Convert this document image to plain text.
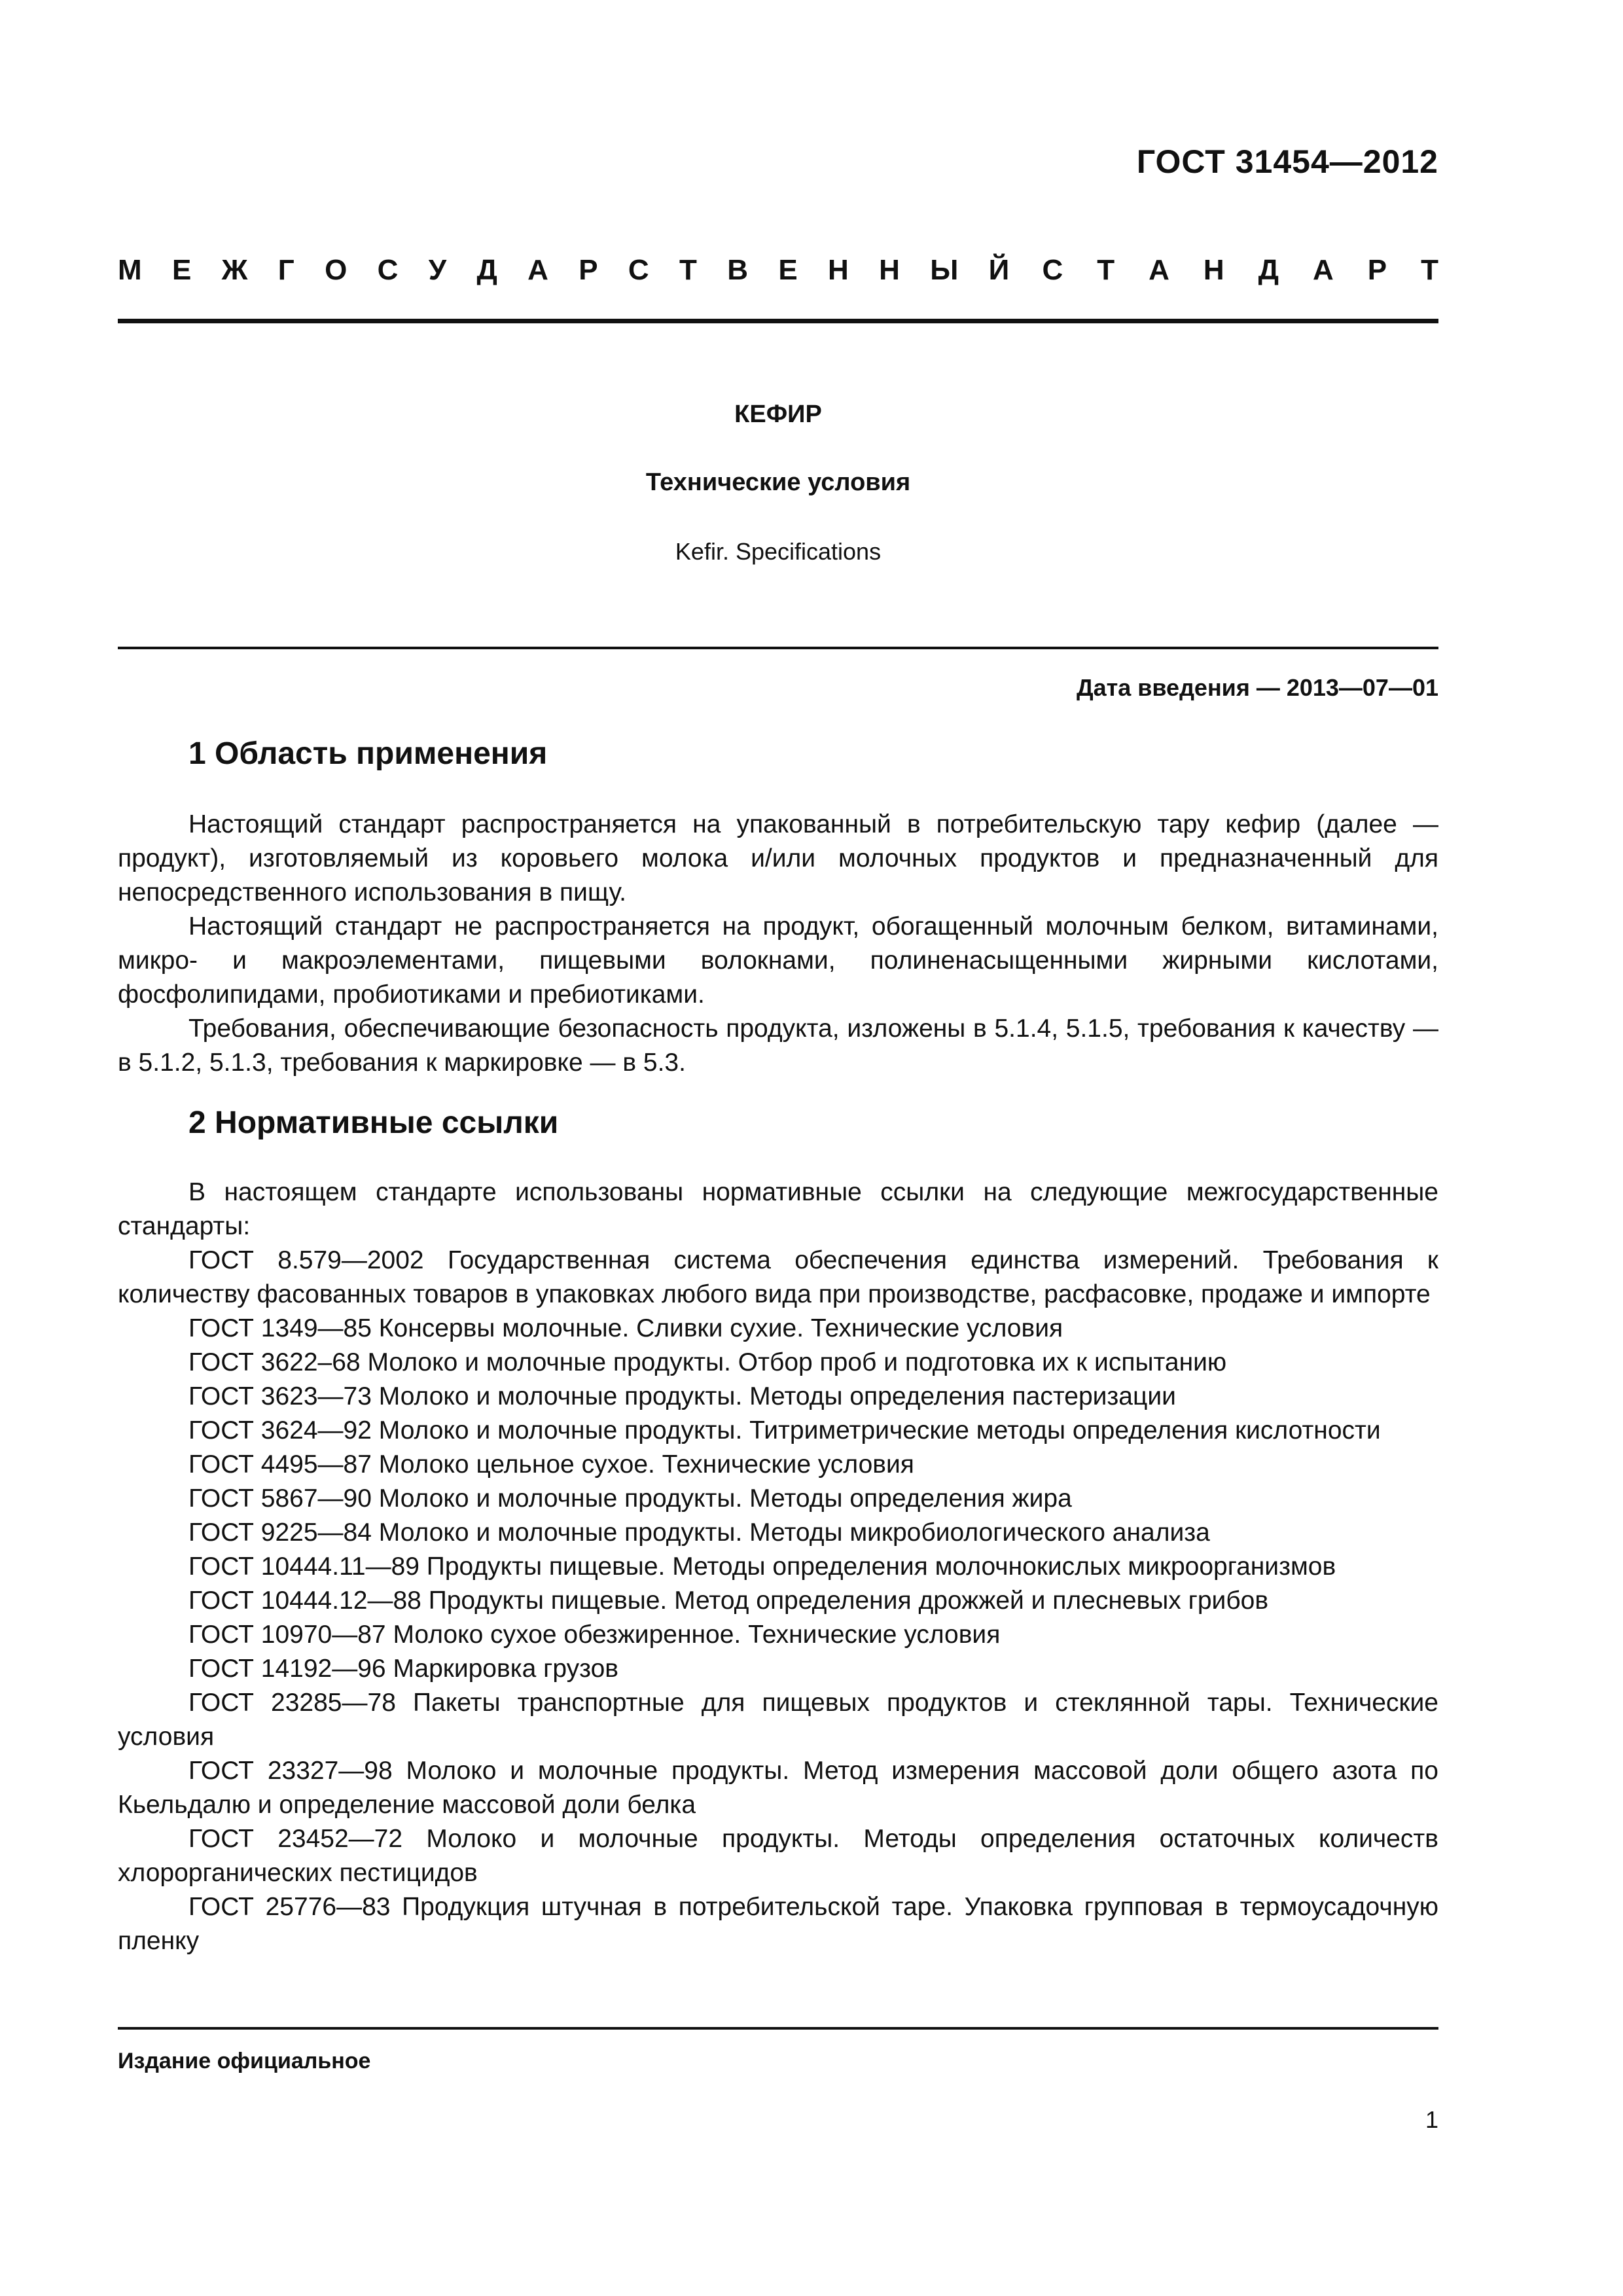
ГОСТ 31454—2012
М Е Ж Г О С У Д А Р С Т В Е Н Н Ы Й С Т А Н Д А Р Т
КЕФИР
Технические условия
Kefir. Specifications
Дата введения — 2013—07—01
1 Область применения

Настоящий стандарт распространяется на упакованный в потребительскую тару кефир (далее — продукт), изготовляемый из коровьего молока и/или молочных продуктов и предназначенный для непосредственного использования в пищу.

Настоящий стандарт не распространяется на продукт, обогащенный молочным белком, витаминами, микро- и макроэлементами, пищевыми волокнами, полиненасыщенными жирными кислотами, фосфолипидами, пробиотиками и пребиотиками.

Требования, обеспечивающие безопасность продукта, изложены в 5.1.4, 5.1.5, требования к качеству — в 5.1.2, 5.1.3, требования к маркировке — в 5.3.

2 Нормативные ссылки

В настоящем стандарте использованы нормативные ссылки на следующие межгосударственные стандарты:

ГОСТ 8.579—2002 Государственная система обеспечения единства измерений. Требования к количеству фасованных товаров в упаковках любого вида при производстве, расфасовке, продаже и импорте

ГОСТ 1349—85 Консервы молочные. Сливки сухие. Технические условия

ГОСТ 3622–68 Молоко и молочные продукты. Отбор проб и подготовка их к испытанию

ГОСТ 3623—73 Молоко и молочные продукты. Методы определения пастеризации

ГОСТ 3624—92 Молоко и молочные продукты. Титриметрические методы определения кислотности

ГОСТ 4495—87 Молоко цельное сухое. Технические условия

ГОСТ 5867—90 Молоко и молочные продукты. Методы определения жира

ГОСТ 9225—84 Молоко и молочные продукты. Методы микробиологического анализа

ГОСТ 10444.11—89 Продукты пищевые. Методы определения молочнокислых микроорганизмов

ГОСТ 10444.12—88 Продукты пищевые. Метод определения дрожжей и плесневых грибов

ГОСТ 10970—87 Молоко сухое обезжиренное. Технические условия

ГОСТ 14192—96 Маркировка грузов

ГОСТ 23285—78 Пакеты транспортные для пищевых продуктов и стеклянной тары. Технические условия

ГОСТ 23327—98 Молоко и молочные продукты. Метод измерения массовой доли общего азота по Кьельдалю и определение массовой доли белка

ГОСТ 23452—72 Молоко и молочные продукты. Методы определения остаточных количеств хлорорганических пестицидов

ГОСТ 25776—83 Продукция штучная в потребительской таре. Упаковка групповая в термоусадочную пленку

Издание официальное
1
